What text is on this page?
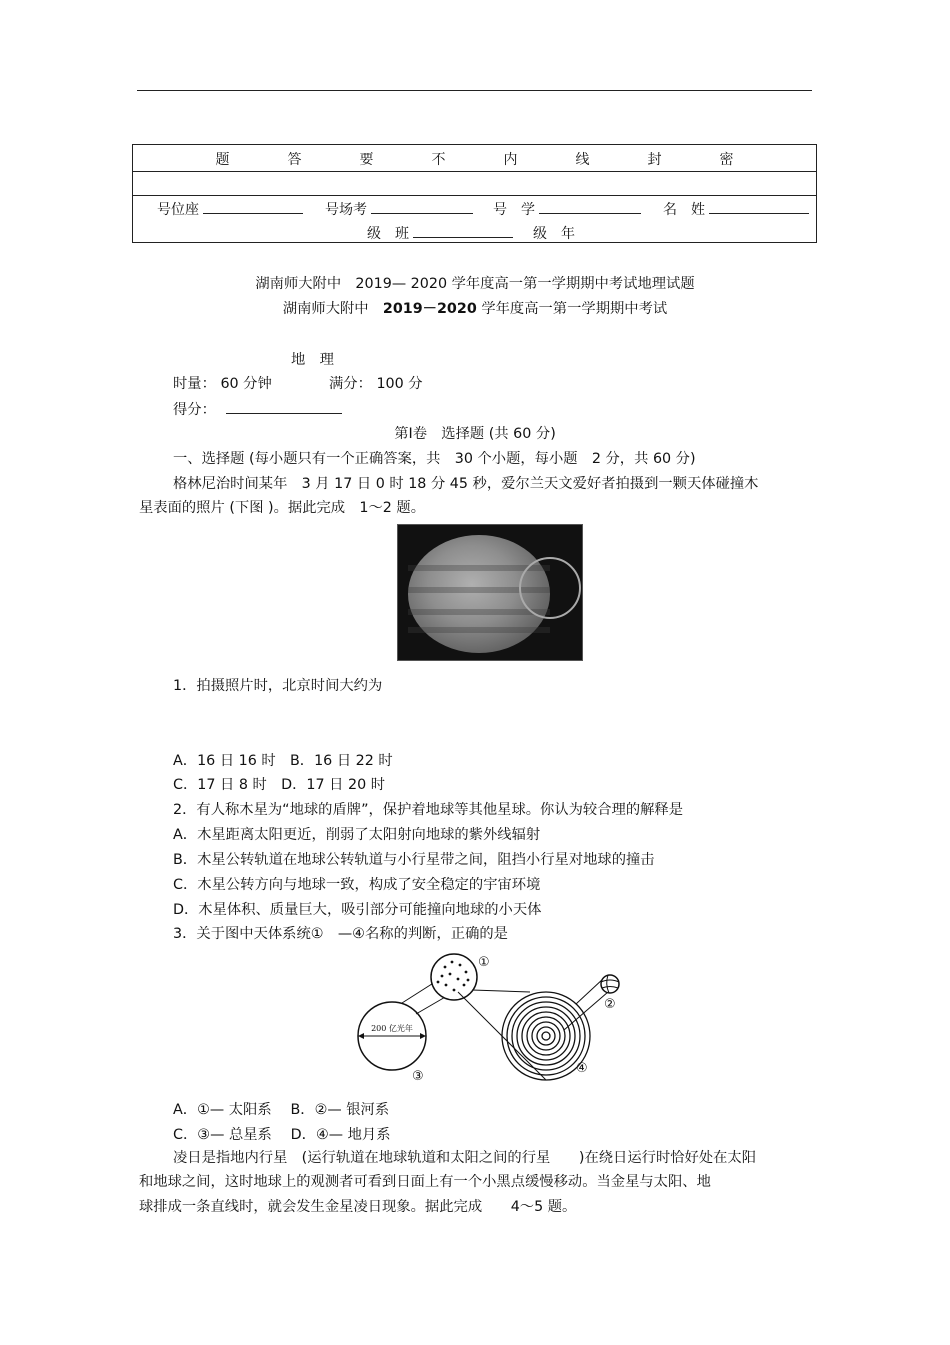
题	答	要	不	内	线	封	密
号位座	号场考	号　学	名　姓
级　班	级　年
湖南师大附中　2019— 2020 学年度高一第一学期期中考试地理试题
湖南师大附中　2019－2020 学年度高一第一学期期中考试
地　理
时量： 60 分钟	满分： 100 分
得分：
第Ⅰ卷　选择题 (共 60 分)
一、选择题 (每小题只有一个正确答案，共　30 个小题，每小题　2 分，共 60 分)
格林尼治时间某年　3 月 17 日 0 时 18 分 45 秒，爱尔兰天文爱好者拍摄到一颗天体碰撞木
星表面的照片 (下图 )。据此完成　1～2 题。
1．拍摄照片时，北京时间大约为
A．16 日 16 时　B．16 日 22 时
C．17 日 8 时　D．17 日 20 时
2．有人称木星为“地球的盾牌”，保护着地球等其他星球。你认为较合理的解释是
A．木星距离太阳更近，削弱了太阳射向地球的紫外线辐射
B．木星公转轨道在地球公转轨道与小行星带之间，阻挡小行星对地球的撞击
C．木星公转方向与地球一致，构成了安全稳定的宇宙环境
D．木星体积、质量巨大，吸引部分可能撞向地球的小天体
3．关于图中天体系统①　—④名称的判断，正确的是
200 亿光年
①
④
②
③
A．①— 太阳系　 B．②— 银河系
C．③— 总星系　 D．④— 地月系
凌日是指地内行星　(运行轨道在地球轨道和太阳之间的行星　　)在绕日运行时恰好处在太阳
和地球之间，这时地球上的观测者可看到日面上有一个小黑点缓慢移动。当金星与太阳、地
球排成一条直线时，就会发生金星凌日现象。据此完成　　4～5 题。
